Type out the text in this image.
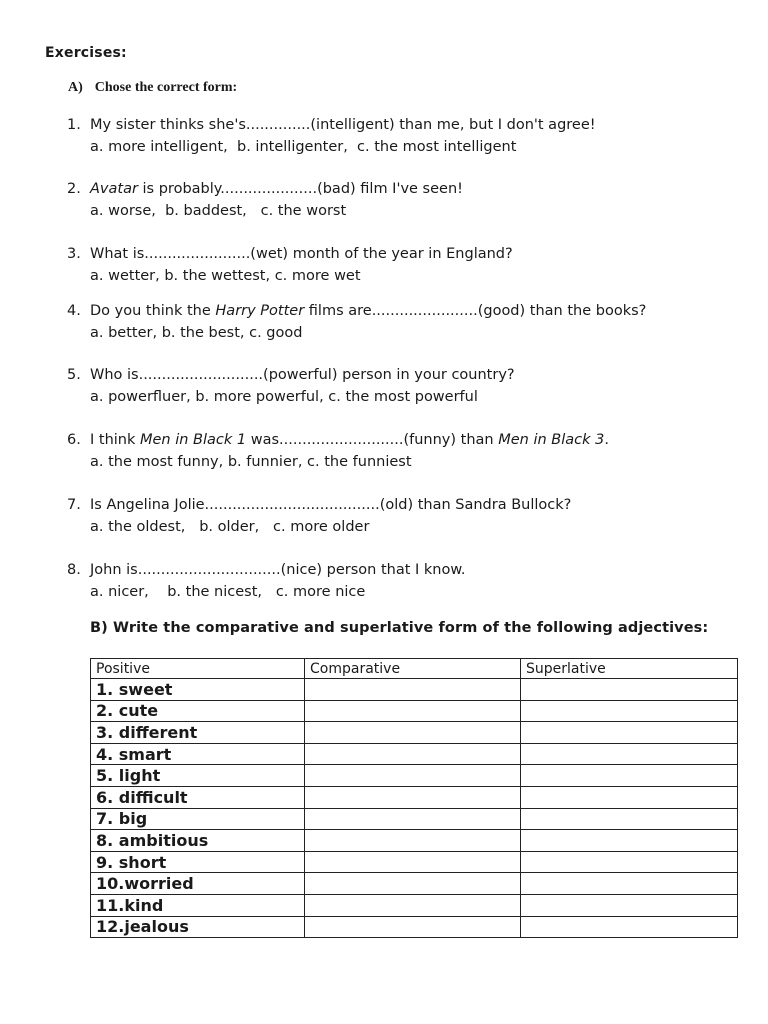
Exercises:
A) Chose the correct form:
1. My sister thinks she's..............(intelligent) than me, but I don't agree!
a. more intelligent,  b. intelligenter,  c. the most intelligent
2. Avatar is probably.....................(bad) film I've seen!
a. worse,  b. baddest,   c. the worst
3. What is.......................(wet) month of the year in England?
a. wetter, b. the wettest, c. more wet
4. Do you think the Harry Potter films are.......................(good) than the books?
a. better, b. the best, c. good
5. Who is...........................(powerful) person in your country?
a. powerfluer, b. more powerful, c. the most powerful
6. I think Men in Black 1 was...........................(funny) than Men in Black 3.
a. the most funny, b. funnier, c. the funniest
7. Is Angelina Jolie......................................(old) than Sandra Bullock?
a. the oldest,   b. older,   c. more older
8. John is...............................(nice) person that I know.
a. nicer,    b. the nicest,   c. more nice
B) Write the comparative and superlative form of the following adjectives:
Positive	Comparative	Superlative
1. sweet		
2. cute		
3. different		
4. smart		
5. light		
6. difficult		
7. big		
8. ambitious		
9. short		
10.worried		
11.kind		
12.jealous		
